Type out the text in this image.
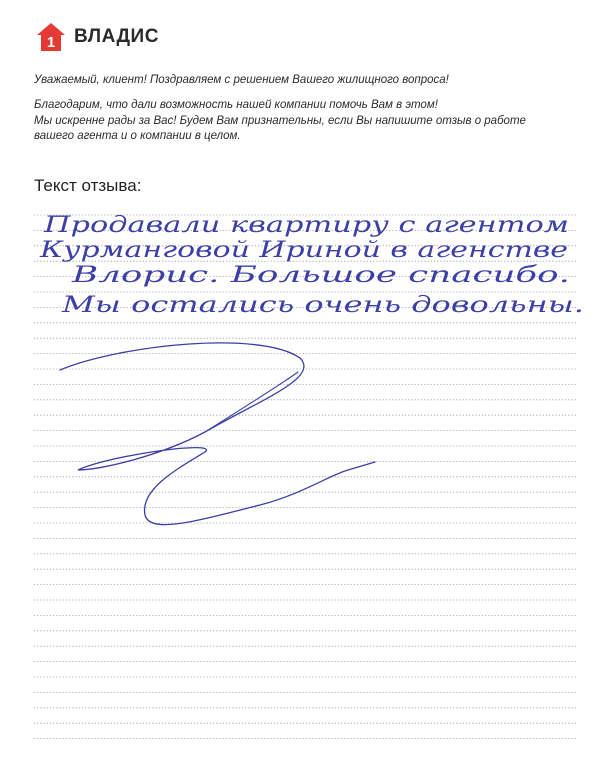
1 ВЛАДИС
Уважаемый, клиент! Поздравляем с решением Вашего жилищного вопроса!
Благодарим, что дали возможность нашей компании помочь Вам в этом!
Мы искренне рады за Вас! Будем Вам признательны, если Вы напишите отзыв о работе
вашего агента и о компании в целом.
Текст отзыва:
Продавали квартиру с агентом
Курманговой Ириной в агенстве
Влорис. Большое спасибо.
Мы остались очень довольны.
